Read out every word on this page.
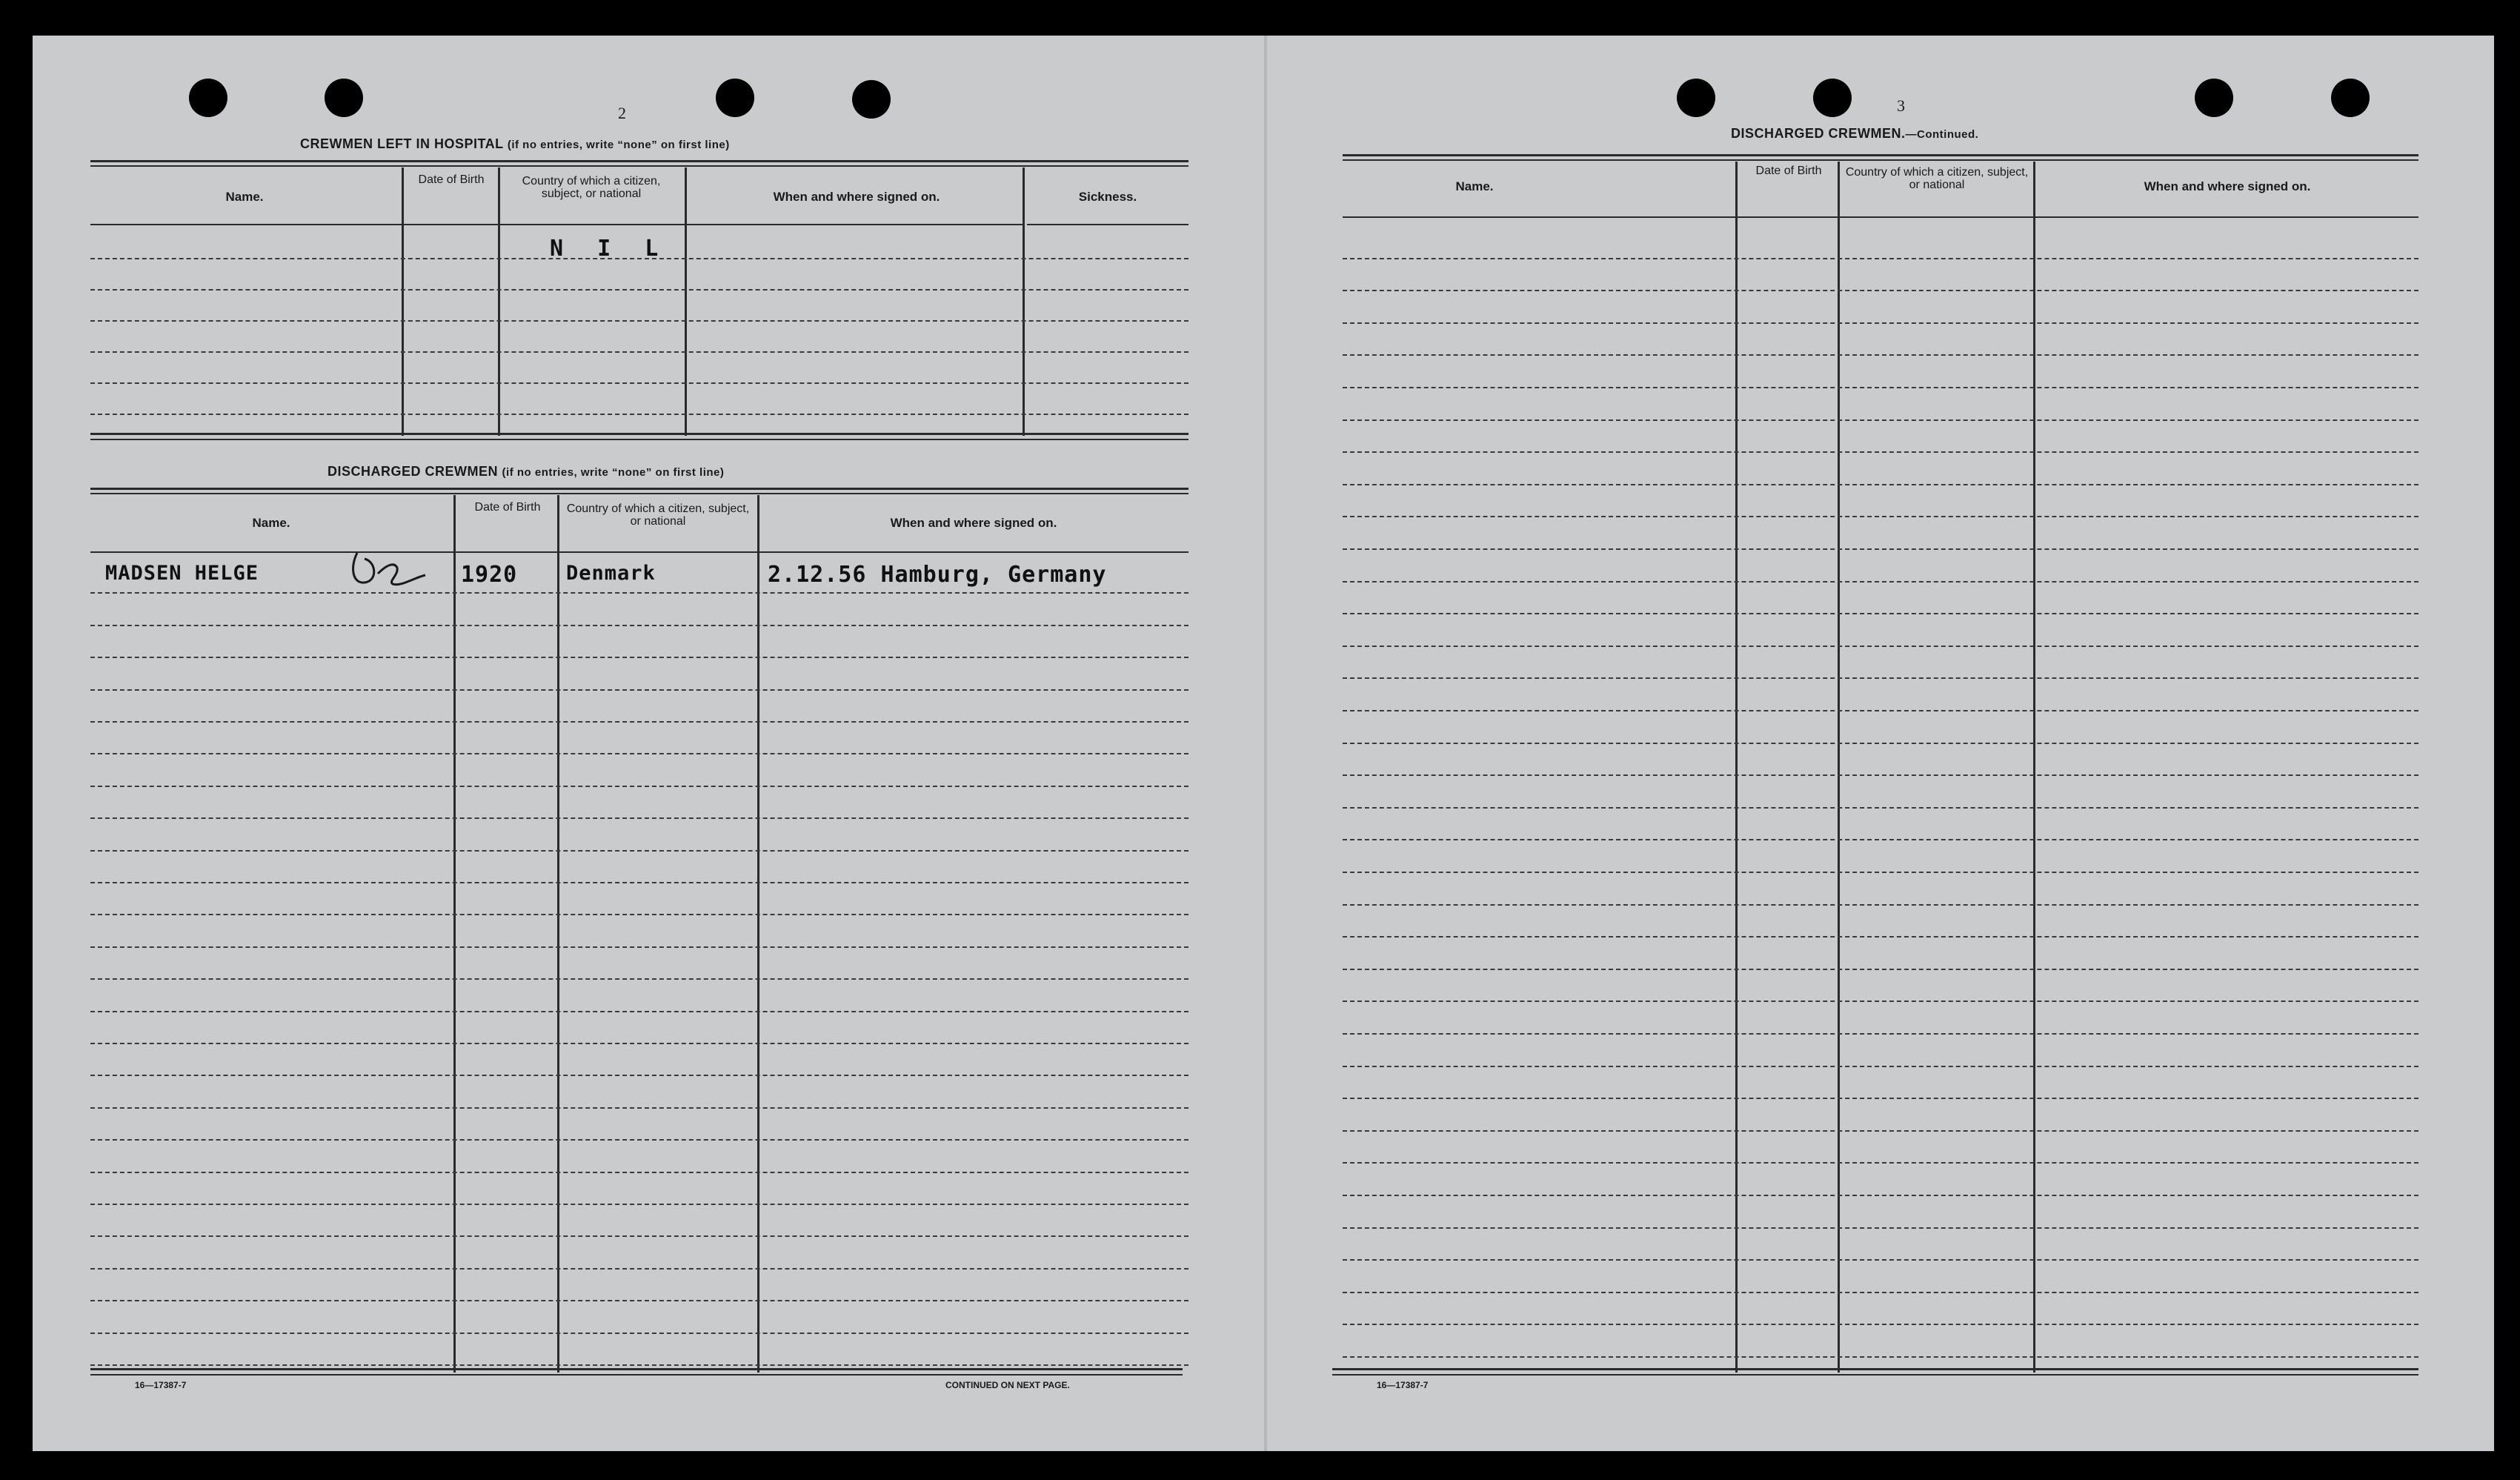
2
CREWMEN LEFT IN HOSPITAL (if no entries, write “none” on first line)
Name.
Date of Birth	Country of which a citizen, subject, or national	When and where signed on.	Sickness.
N I L
DISCHARGED CREWMEN (if no entries, write “none” on first line)
Name.
Date of Birth	Country of which a citizen, subject, or national	When and where signed on.
MADSEN HELGE	1920 Denmark	2.12.56 Hamburg, Germany
16—17387-7	CONTINUED ON NEXT PAGE.
3
DISCHARGED CREWMEN.—Continued.
Name.
Date of Birth	Country of which a citizen, subject, or national	When and where signed on.
16—17387-7
